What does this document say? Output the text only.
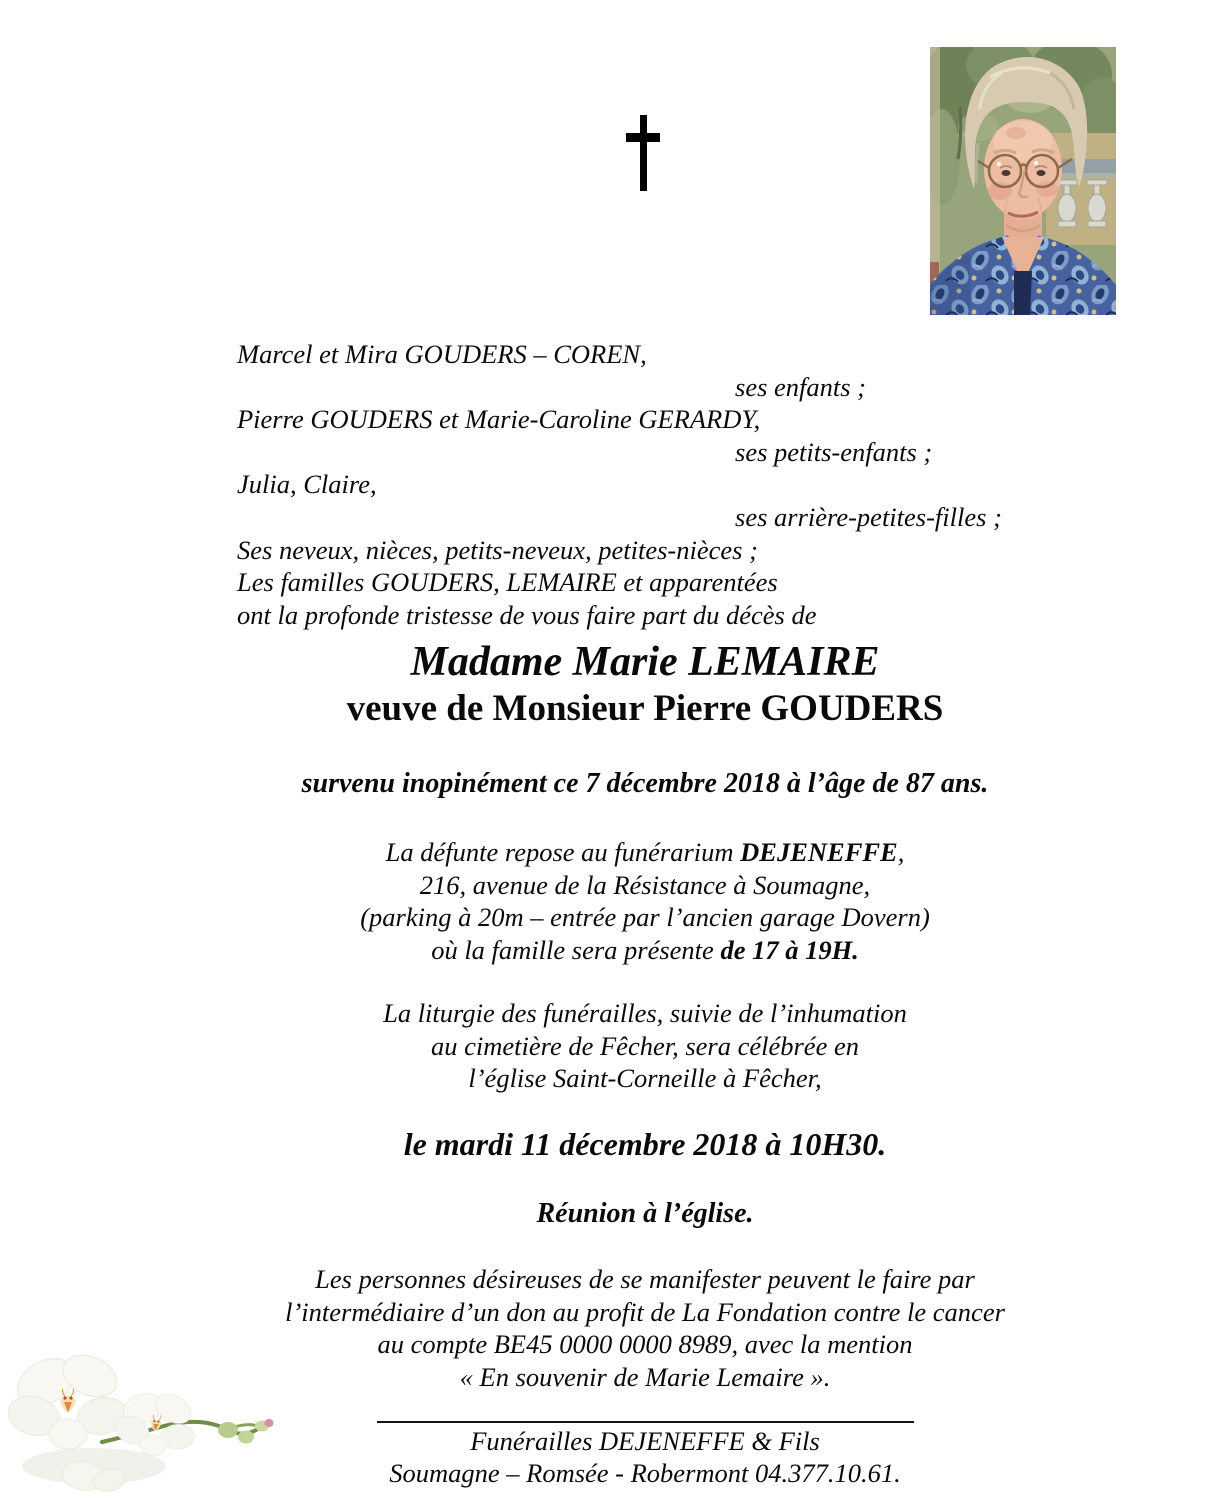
Marcel et Mira GOUDERS – COREN,
ses enfants ;
Pierre GOUDERS et Marie-Caroline GERARDY,
ses petits-enfants ;
Julia, Claire,
ses arrière-petites-filles ;
Ses neveux, nièces, petits-neveux, petites-nièces ;
Les familles GOUDERS, LEMAIRE et apparentées
ont la profonde tristesse de vous faire part du décès de
Madame Marie LEMAIRE
veuve de Monsieur Pierre GOUDERS
survenu inopinément ce 7 décembre 2018 à l’âge de 87 ans.
La défunte repose au funérarium DEJENEFFE,
216, avenue de la Résistance à Soumagne,
(parking à 20m – entrée par l’ancien garage Dovern)
où la famille sera présente de 17 à 19H.
La liturgie des funérailles, suivie de l’inhumation
au cimetière de Fêcher, sera célébrée en
l’église Saint-Corneille à Fêcher,
le mardi 11 décembre 2018 à 10H30.
Réunion à l’église.
Les personnes désireuses de se manifester peuvent le faire par
l’intermédiaire d’un don au profit de La Fondation contre le cancer
au compte BE45 0000 0000 8989, avec la mention
« En souvenir de Marie Lemaire ».
Funérailles DEJENEFFE & Fils
Soumagne – Romsée - Robermont 04.377.10.61.
